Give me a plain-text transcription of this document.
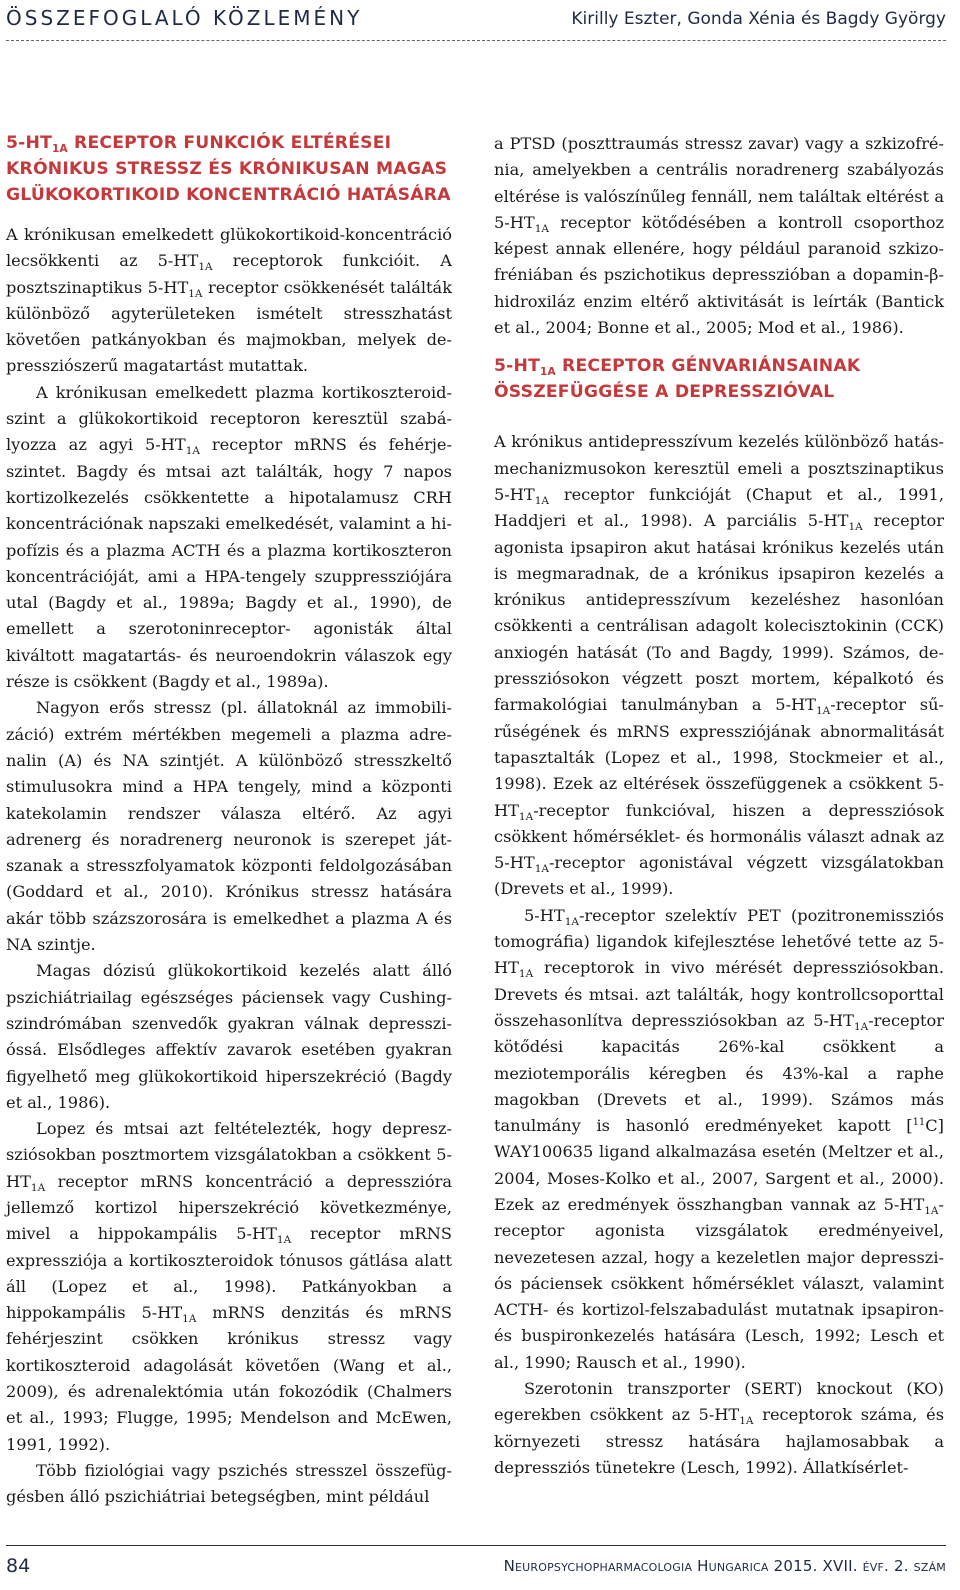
ÖSSZEFOGLALÓ KÖZLEMÉNY	Kirilly Eszter, Gonda Xénia és Bagdy György
$5-HT_{1A}$ RECEPTOR FUNKCIÓK ELTÉRÉSEI KRÓNIKUS STRESSZ ÉS KRÓNIKUSAN MAGAS GLÜKOKORTIKOID KONCENTRÁCIÓ HATÁSÁRA

A krónikusan emelkedett glükokortikoid-koncentráció lecsökkenti az $5-HT_{1A}$ receptorok funkcióit. A posztszinaptikus $5-HT_{1A}$ receptor csökkenését találták különböző agyterületeken ismételt stresszhatást követően patkányokban és majmokban, melyek depressziószerű magatartást mutattak.

A krónikusan emelkedett plazma kortikoszteroidszint a glükokortikoid receptoron keresztül szabályozza az agyi $5-HT_{1A}$ receptor mRNS és fehérjeszintet. Bagdy és mtsai azt találták, hogy 7 napos kortizolkezelés csökkentette a hipotalamusz CRH koncentrációnak napszaki emelkedését, valamint a hipofízis és a plazma ACTH és a plazma kortikoszteron koncentrációját, ami a HPA-tengely szuppressziójára utal (Bagdy et al., 1989a; Bagdy et al., 1990), de emellett a szerotoninreceptor- agonisták által kiváltott magatartás- és neuroendokrin válaszok egy része is csökkent (Bagdy et al., 1989a).

Nagyon erős stressz (pl. állatoknál az immobilizáció) extrém mértékben megemeli a plazma adrenalin (A) és NA szintjét. A különböző stresszkeltő stimulusokra mind a HPA tengely, mind a központi katekolamin rendszer válasza eltérő. Az agyi adrenerg és noradrenerg neuronok is szerepet játszanak a stresszfolyamatok központi feldolgozásában (Goddard et al., 2010). Krónikus stressz hatására akár több százszorosára is emelkedhet a plazma A és NA szintje.

Magas dózisú glükokortikoid kezelés alatt álló pszichiátriailag egészséges páciensek vagy Cushingszindrómában szenvedők gyakran válnak depresszióssá. Elsődleges affektív zavarok esetében gyakran figyelhető meg glükokortikoid hiperszekréció (Bagdy et al., 1986).

Lopez és mtsai azt feltételezték, hogy depreszsziósokban posztmortem vizsgálatokban a csökkent $5-HT_{1A}$ receptor mRNS koncentráció a depresszióra jellemző kortizol hiperszekréció következménye, mivel a hippokampális $5-HT_{1A}$ receptor mRNS expressziója a kortikoszteroidok tónusos gátlása alatt áll (Lopez et al., 1998). Patkányokban a hippokampális $5-HT_{1A}$ mRNS denzitás és mRNS fehérjeszint csökken krónikus stressz vagy kortikoszteroid adagolását követően (Wang et al., 2009), és adrenalektómia után fokozódik (Chalmers et al., 1993; Flugge, 1995; Mendelson and McEwen, 1991, 1992).

Több fiziológiai vagy pszichés stresszel összefüggésben álló pszichiátriai betegségben, mint például

a PTSD (poszttraumás stressz zavar) vagy a szkizofrénia, amelyekben a centrális noradrenerg szabályozás eltérése is valószínűleg fennáll, nem találtak eltérést a $5-HT_{1A}$ receptor kötődésében a kontroll csoporthoz képest annak ellenére, hogy például paranoid szkizofréniában és pszichotikus depresszióban a dopamin-β-hidroxiláz enzim eltérő aktivitását is leírták (Bantick et al., 2004; Bonne et al., 2005; Mod et al., 1986).

$5-HT_{1A}$ RECEPTOR GÉNVARIÁNSAINAK ÖSSZEFÜGGÉSE A DEPRESSZIÓVAL

A krónikus antidepresszívum kezelés különböző hatásmechanizmusokon keresztül emeli a posztszinaptikus $5-HT_{1A}$ receptor funkcióját (Chaput et al., 1991, Haddjeri et al., 1998). A parciális $5-HT_{1A}$ receptor agonista ipsapiron akut hatásai krónikus kezelés után is megmaradnak, de a krónikus ipsapiron kezelés a krónikus antidepresszívum kezeléshez hasonlóan csökkenti a centrálisan adagolt kolecisztokinin (CCK) anxiogén hatását (To and Bagdy, 1999). Számos, depressziósokon végzett poszt mortem, képalkotó és farmakológiai tanulmányban a $5-HT_{1A}$-receptor sűrűségének és mRNS expressziójának abnormalitását tapasztalták (Lopez et al., 1998, Stockmeier et al., 1998). Ezek az eltérések összefüggenek a csökkent $5-HT_{1A}$-receptor funkcióval, hiszen a depressziósok csökkent hőmérséklet- és hormonális választ adnak az $5-HT_{1A}$-receptor agonistával végzett vizsgálatokban (Drevets et al., 1999).

$5-HT_{1A}$-receptor szelektív PET (pozitronemissziós tomográfia) ligandok kifejlesztése lehetővé tette az $5-HT_{1A}$ receptorok in vivo mérését depressziósokban. Drevets és mtsai. azt találták, hogy kontrollcsoporttal összehasonlítva depressziósokban az $5-HT_{1A}$-receptor kötődési kapacitás 26%-kal csökkent a meziotemporális kéregben és 43%-kal a raphe magokban (Drevets et al., 1999). Számos más tanulmány is hasonló eredményeket kapott [$^{11}$C] WAY100635 ligand alkalmazása esetén (Meltzer et al., 2004, Moses-Kolko et al., 2007, Sargent et al., 2000). Ezek az eredmények összhangban vannak az $5-HT_{1A}$-receptor agonista vizsgálatok eredményeivel, nevezetesen azzal, hogy a kezeletlen major depressziós páciensek csökkent hőmérséklet választ, valamint ACTH- és kortizol-felszabadulást mutatnak ipsapiron- és buspironkezelés hatására (Lesch, 1992; Lesch et al., 1990; Rausch et al., 1990).

Szerotonin transzporter (SERT) knockout (KO) egerekben csökkent az $5-HT_{1A}$ receptorok száma, és környezeti stressz hatására hajlamosabbak a depressziós tünetekre (Lesch, 1992). Állatkísérlet-

84	Neuropsychopharmacologia Hungarica 2015. XVII. évf. 2. szám
